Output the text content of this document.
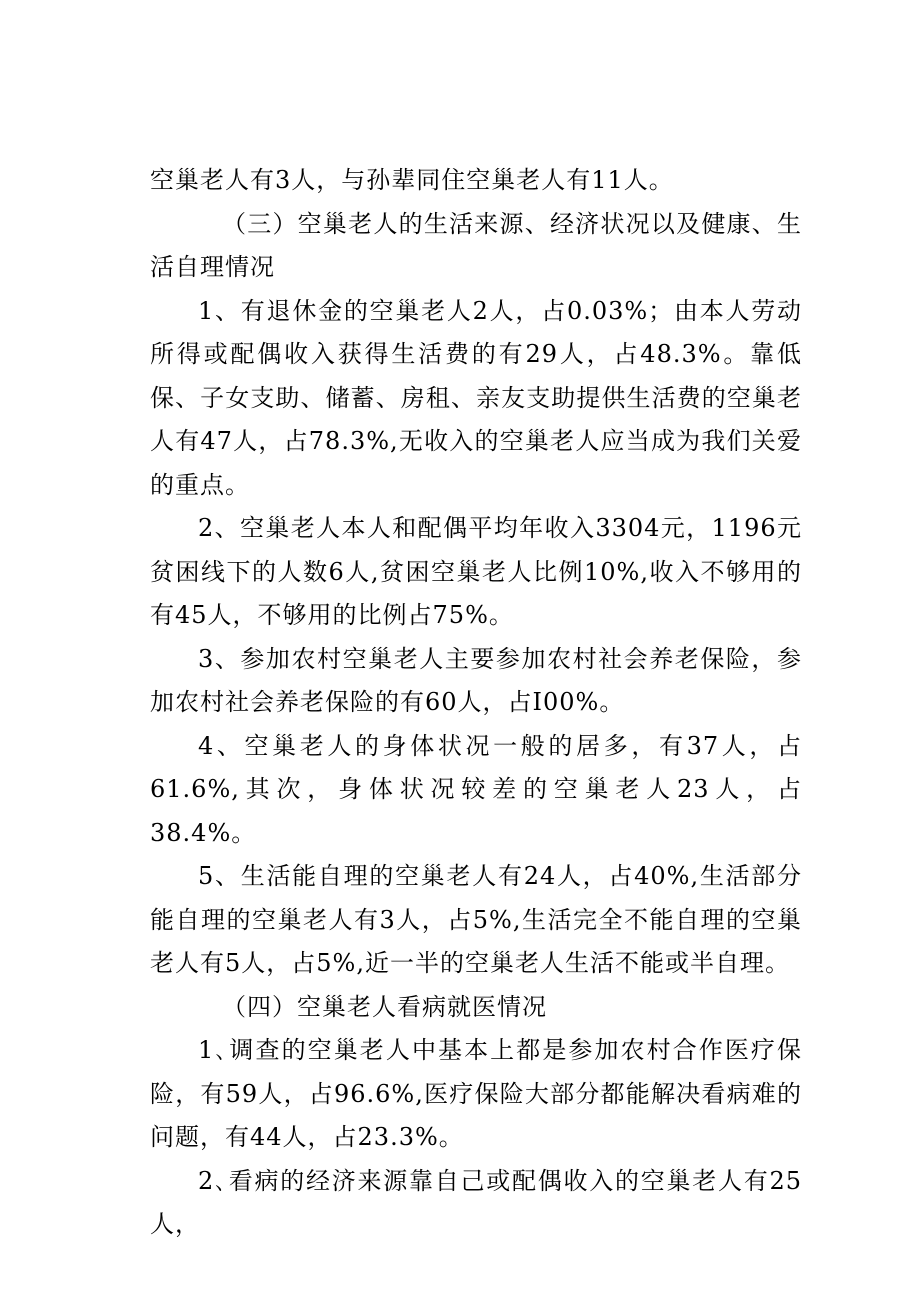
空巢老人有3人，与孙辈同住空巢老人有11人。

（三）空巢老人的生活来源、经济状况以及健康、生活自理情况

1、有退休金的空巢老人2人，占0.03%；由本人劳动所得或配偶收入获得生活费的有29人，占48.3%。靠低保、子女支助、储蓄、房租、亲友支助提供生活费的空巢老人有47人，占78.3%,无收入的空巢老人应当成为我们关爱的重点。

2、空巢老人本人和配偶平均年收入3304元，1196元贫困线下的人数6人,贫困空巢老人比例10%,收入不够用的有45人，不够用的比例占75%。

3、参加农村空巢老人主要参加农村社会养老保险，参加农村社会养老保险的有60人，占I00%。

4、空巢老人的身体状况一般的居多，有37人，占61.6%,其次，身体状况较差的空巢老人23人，占38.4%。

5、生活能自理的空巢老人有24人，占40%,生活部分能自理的空巢老人有3人，占5%,生活完全不能自理的空巢老人有5人，占5%,近一半的空巢老人生活不能或半自理。

（四）空巢老人看病就医情况

1､调查的空巢老人中基本上都是参加农村合作医疗保险，有59人，占96.6%,医疗保险大部分都能解决看病难的问题，有44人，占23.3%。

2､看病的经济来源靠自己或配偶收入的空巢老人有25人，
